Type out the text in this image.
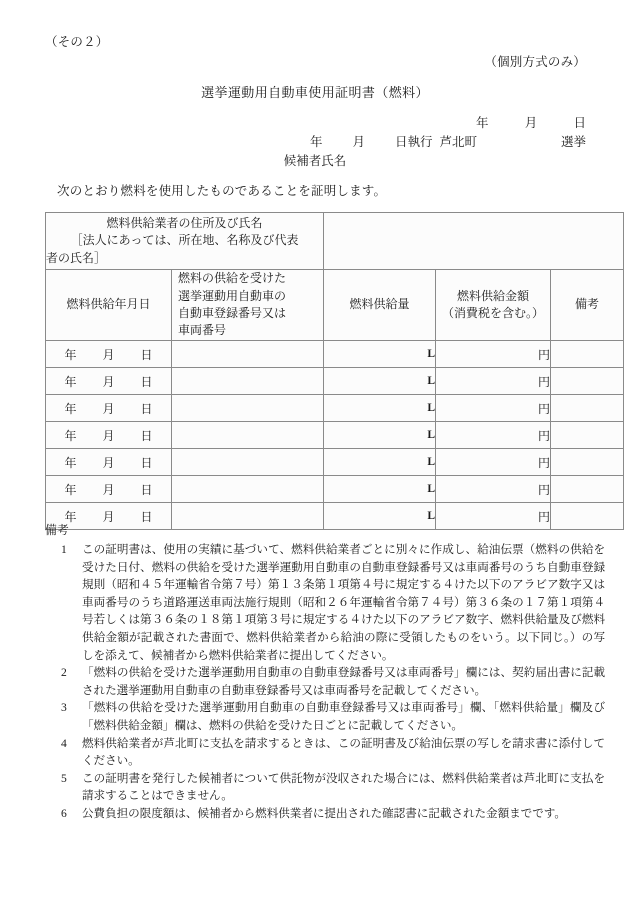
（その２）
（個別方式のみ）
選挙運動用自動車使用証明書（燃料）
年	月	日
年 月 日執行 芦北町	選挙
候補者氏名
次のとおり燃料を使用したものであることを証明します。
燃料供給業者の住所及び氏名
［法人にあっては、所在地、名称及び代表
者の氏名］				

燃料供給年月日	燃料の供給を受けた
選挙運動用自動車の
自動車登録番号又は
車両番号	燃料供給量	燃料供給金額
（消費税を含む。）	備考
年 月 日		L	円	
年 月 日		L	円	
年 月 日		L	円	
年 月 日		L	円	
年 月 日		L	円	
年 月 日		L	円	
年 月 日		L	円	
備考
1	この証明書は、使用の実績に基づいて、燃料供給業者ごとに別々に作成し、給油伝票（燃料の供給を受けた日付、燃料の供給を受けた選挙運動用自動車の自動車登録番号又は車両番号のうち自動車登録規則（昭和４５年運輸省令第７号）第１３条第１項第４号に規定する４けた以下のアラビア数字又は車両番号のうち道路運送車両法施行規則（昭和２６年運輸省令第７４号）第３６条の１７第１項第４号若しくは第３６条の１８第１項第３号に規定する４けた以下のアラビア数字、燃料供給量及び燃料供給金額が記載された書面で、燃料供給業者から給油の際に受領したものをいう。以下同じ。）の写しを添えて、候補者から燃料供給業者に提出してください。
2	「燃料の供給を受けた選挙運動用自動車の自動車登録番号又は車両番号」欄には、契約届出書に記載された選挙運動用自動車の自動車登録番号又は車両番号を記載してください。
3	「燃料の供給を受けた選挙運動用自動車の自動車登録番号又は車両番号」欄、「燃料供給量」欄及び「燃料供給金額」欄は、燃料の供給を受けた日ごとに記載してください。
4	燃料供給業者が芦北町に支払を請求するときは、この証明書及び給油伝票の写しを請求書に添付してください。
5	この証明書を発行した候補者について供託物が没収された場合には、燃料供給業者は芦北町に支払を請求することはできません。
6	公費負担の限度額は、候補者から燃料供業者に提出された確認書に記載された金額までです。
